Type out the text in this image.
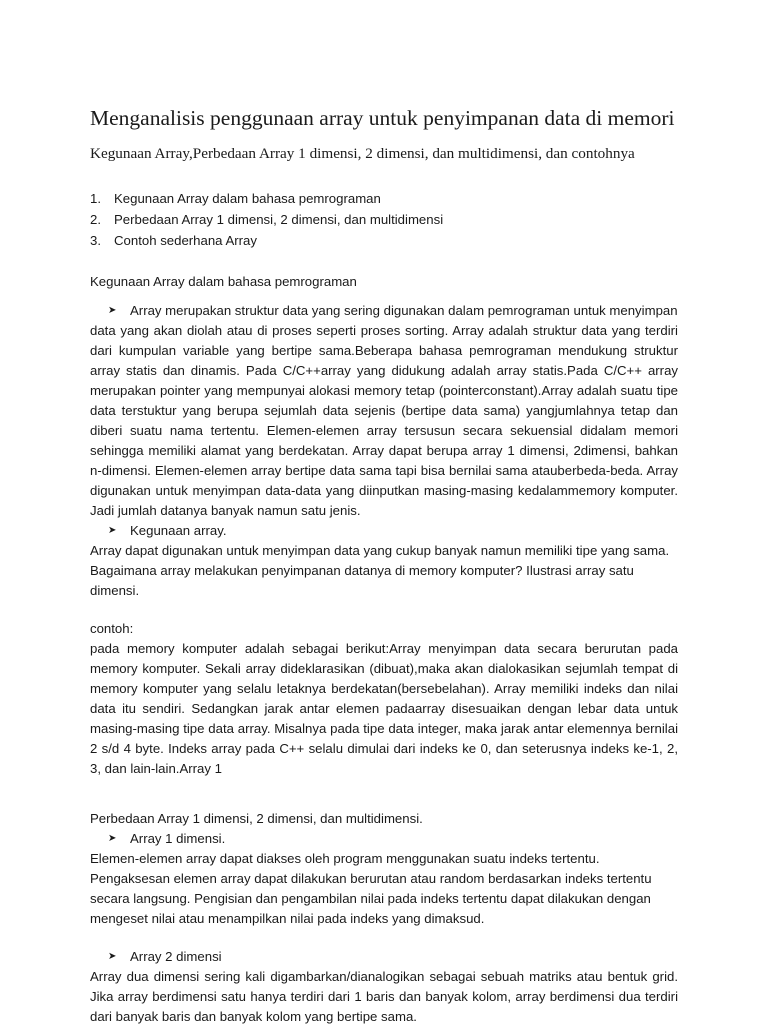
Menganalisis penggunaan array untuk penyimpanan data di memori
Kegunaan Array,Perbedaan Array 1 dimensi, 2 dimensi, dan multidimensi, dan contohnya
1. Kegunaan Array dalam bahasa pemrograman
2. Perbedaan Array 1 dimensi, 2 dimensi, dan multidimensi
3. Contoh sederhana Array

Kegunaan Array dalam bahasa pemrograman

➤	Array merupakan struktur data yang sering digunakan dalam pemrograman untuk menyimpan

data yang akan diolah atau di proses seperti proses sorting. Array adalah struktur data yang terdiri dari kumpulan variable yang bertipe sama.Beberapa bahasa pemrograman mendukung struktur array statis dan dinamis. Pada C/C++array yang didukung adalah array statis.Pada C/C++ array merupakan pointer yang mempunyai alokasi memory tetap (pointerconstant).Array adalah suatu tipe data terstuktur yang berupa sejumlah data sejenis (bertipe data sama) yangjumlahnya tetap dan diberi suatu nama tertentu. Elemen-elemen array tersusun secara sekuensial didalam memori sehingga memiliki alamat yang berdekatan. Array dapat berupa array 1 dimensi, 2dimensi, bahkan n-dimensi. Elemen-elemen array bertipe data sama tapi bisa bernilai sama atauberbeda-beda. Array digunakan untuk menyimpan data-data yang diinputkan masing-masing kedalammemory komputer. Jadi jumlah datanya banyak namun satu jenis.

➤	Kegunaan array.

Array dapat digunakan untuk menyimpan data yang cukup banyak namun memiliki tipe yang sama. Bagaimana array melakukan penyimpanan datanya di memory komputer? Ilustrasi array satu dimensi.

contoh:

pada memory komputer adalah sebagai berikut:Array menyimpan data secara berurutan pada memory komputer. Sekali array dideklarasikan (dibuat),maka akan dialokasikan sejumlah tempat di memory komputer yang selalu letaknya berdekatan(bersebelahan). Array memiliki indeks dan nilai data itu sendiri. Sedangkan jarak antar elemen padaarray disesuaikan dengan lebar data untuk masing-masing tipe data array. Misalnya pada tipe data integer, maka jarak antar elemennya bernilai 2 s/d 4 byte. Indeks array pada C++ selalu dimulai dari indeks ke 0, dan seterusnya indeks ke-1, 2, 3, dan lain-lain.Array 1

Perbedaan Array 1 dimensi, 2 dimensi, dan multidimensi.

➤	Array 1 dimensi.

Elemen-elemen array dapat diakses oleh program menggunakan suatu indeks tertentu. Pengaksesan elemen array dapat dilakukan berurutan atau random berdasarkan indeks tertentu secara langsung. Pengisian dan pengambilan nilai pada indeks tertentu dapat dilakukan dengan mengeset nilai atau menampilkan nilai pada indeks yang dimaksud.

➤	Array 2 dimensi

Array dua dimensi sering kali digambarkan/dianalogikan sebagai sebuah matriks atau bentuk grid. Jika array berdimensi satu hanya terdiri dari 1 baris dan banyak kolom, array berdimensi dua terdiri dari banyak baris dan banyak kolom yang bertipe sama.
